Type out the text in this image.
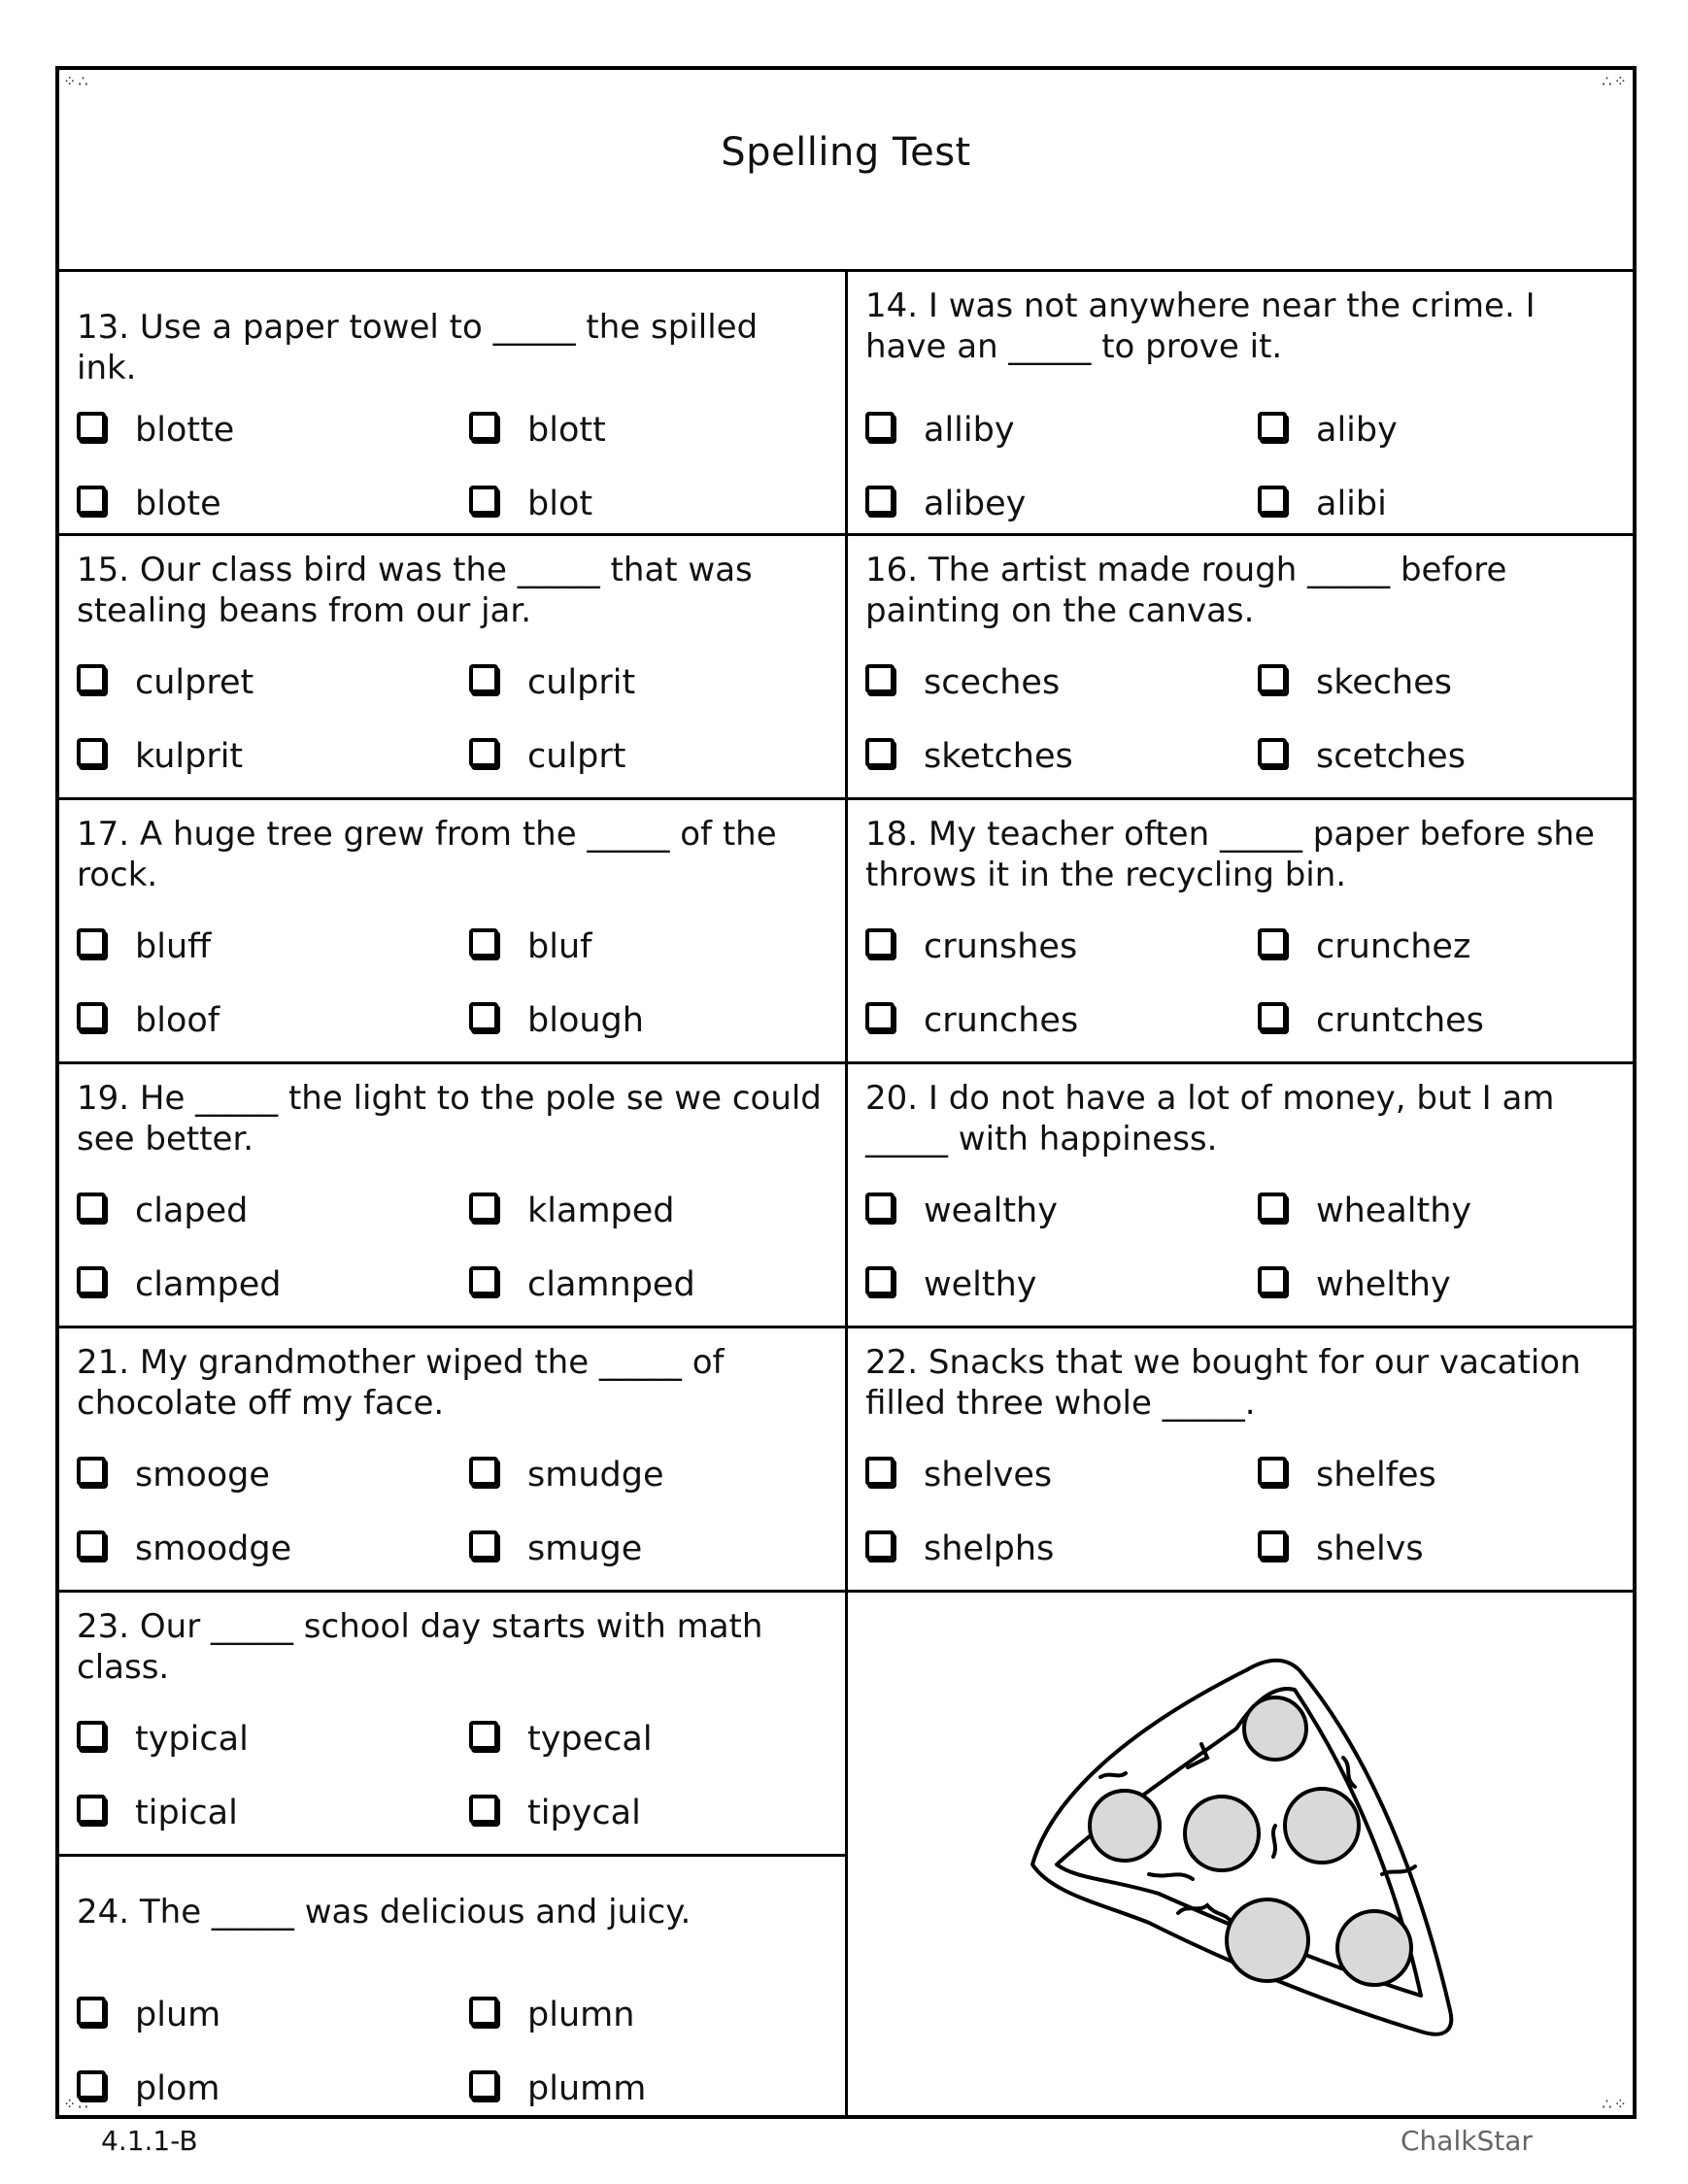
⁘∴	∴⁘
⁘∴	∴⁘
Spelling Test
13. Use a paper towel to _____ the spilled ink.
blotte	blott
blote	blot
14. I was not anywhere near the crime. I have an _____ to prove it.
alliby	aliby
alibey	alibi
15. Our class bird was the _____ that was stealing beans from our jar.
culpret	culprit
kulprit	culprt
16. The artist made rough _____ before painting on the canvas.
sceches	skeches
sketches	scetches
17. A huge tree grew from the _____ of the rock.
bluff	bluf
bloof	blough
18. My teacher often _____ paper before she throws it in the recycling bin.
crunshes	crunchez
crunches	cruntches
19. He _____ the light to the pole se we could see better.
claped	klamped
clamped	clamnped
20. I do not have a lot of money, but I am _____ with happiness.
wealthy	whealthy
welthy	whelthy
21. My grandmother wiped the _____ of chocolate off my face.
smooge	smudge
smoodge	smuge
22. Snacks that we bought for our vacation filled three whole _____.
shelves	shelfes
shelphs	shelvs
23. Our _____ school day starts with math class.
typical	typecal
tipical	tipycal
24. The _____ was delicious and juicy.
plum	plumn
plom	plumm
4.1.1-B	ChalkStar
